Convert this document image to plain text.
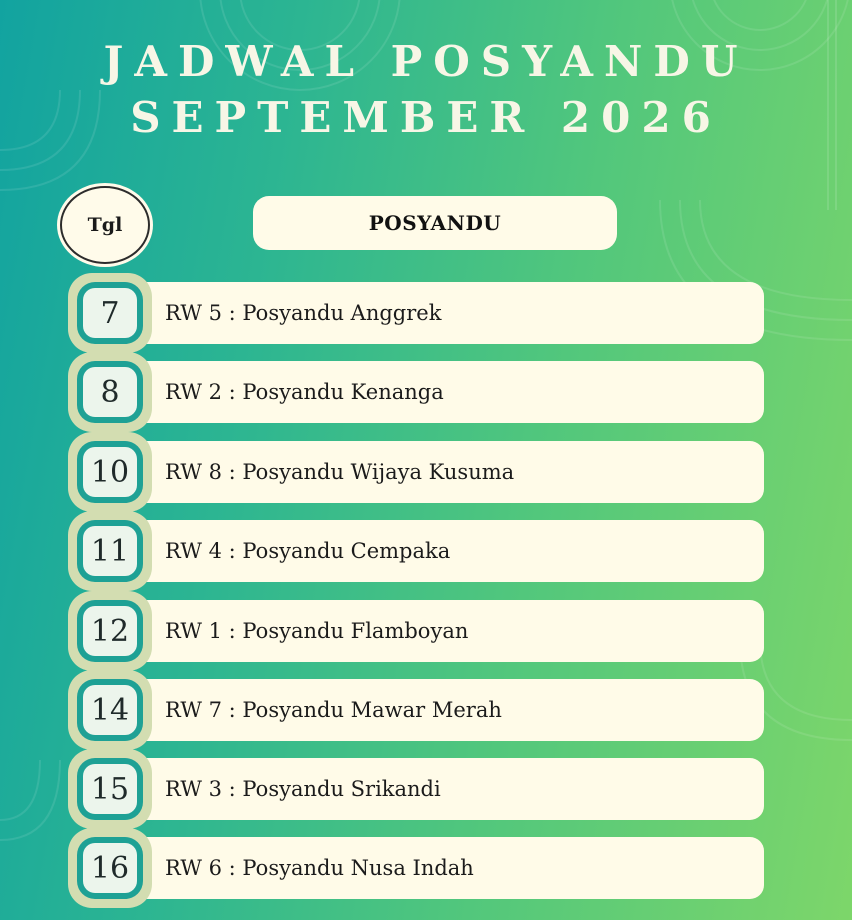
JADWAL POSYANDU
SEPTEMBER 2026
Tgl	POSYANDU
RW 5 : Posyandu Anggrek
7
RW 2 : Posyandu Kenanga
8
RW 8 : Posyandu Wijaya Kusuma
10
RW 4 : Posyandu Cempaka
11
RW 1 : Posyandu Flamboyan
12
RW 7 : Posyandu Mawar Merah
14
RW 3 : Posyandu Srikandi
15
RW 6 : Posyandu Nusa Indah
16
